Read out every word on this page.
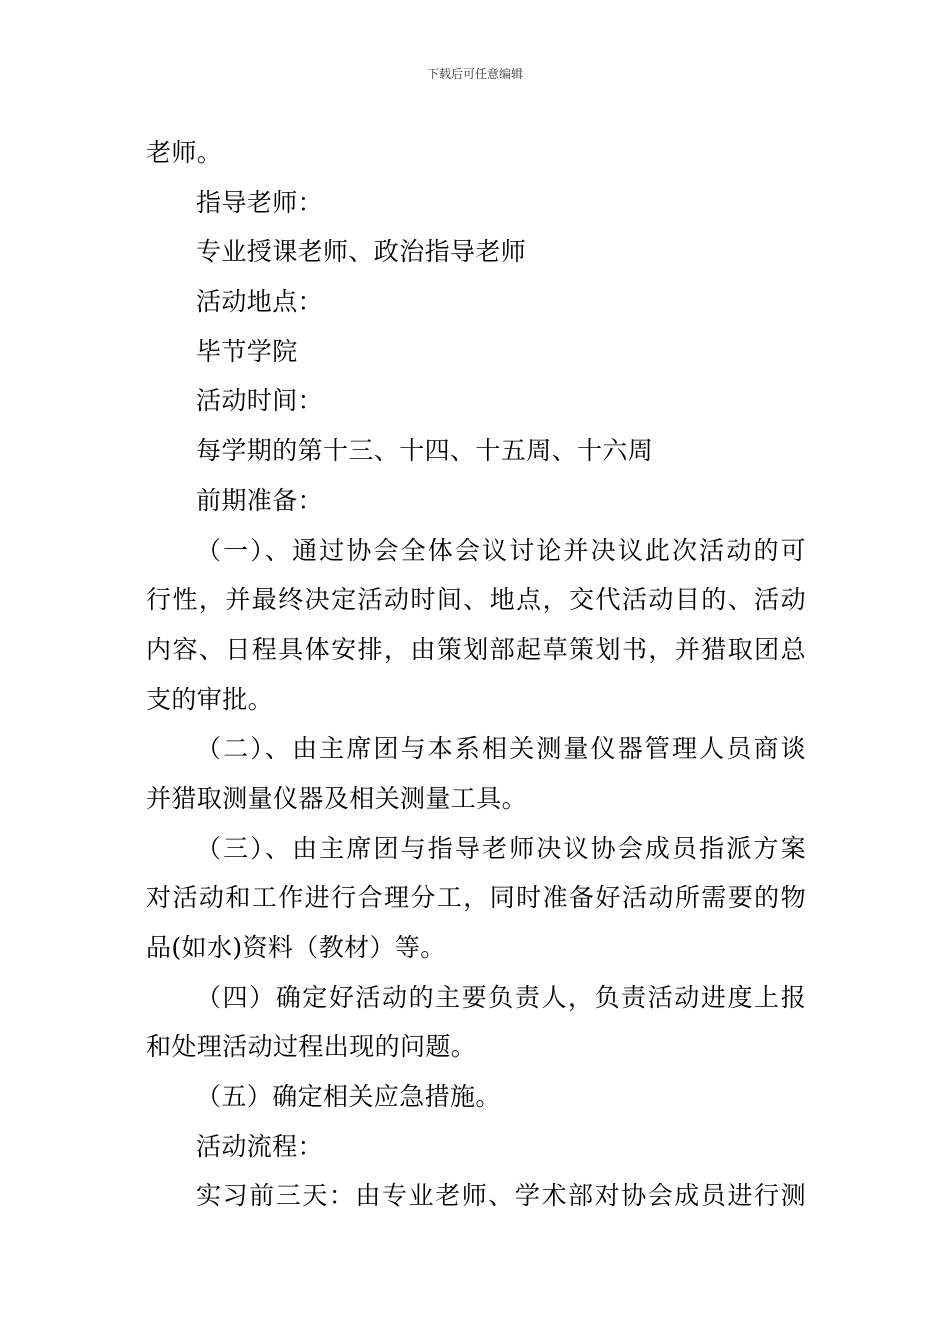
下载后可任意编辑
老师。
指导老师：
专业授课老师、政治指导老师
活动地点：
毕节学院
活动时间：
每学期的第十三、十四、十五周、十六周
前期准备：
（一）、通过协会全体会议讨论并决议此次活动的可
行性，并最终决定活动时间、地点，交代活动目的、活动
内容、日程具体安排，由策划部起草策划书，并猎取团总
支的审批。
（二）、由主席团与本系相关测量仪器管理人员商谈
并猎取测量仪器及相关测量工具。
（三）、由主席团与指导老师决议协会成员指派方案
对活动和工作进行合理分工，同时准备好活动所需要的物
品(如水)资料（教材）等。
（四）确定好活动的主要负责人，负责活动进度上报
和处理活动过程出现的问题。
（五）确定相关应急措施。
活动流程：
实习前三天：由专业老师、学术部对协会成员进行测
